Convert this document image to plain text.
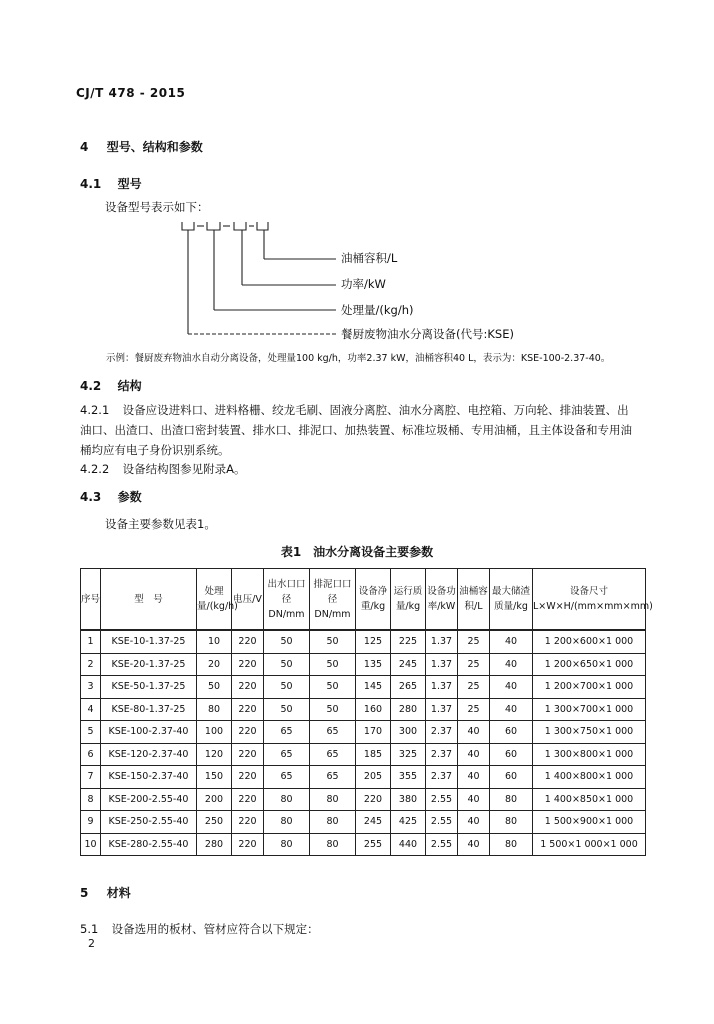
CJ/T 478 - 2015
4 型号、结构和参数
4.1 型号
设备型号表示如下：
油桶容积/L
功率/kW
处理量/(kg/h)
餐厨废物油水分离设备(代号:KSE)
示例：餐厨废弃物油水自动分离设备，处理量100 kg/h，功率2.37 kW，油桶容积40 L，表示为：KSE-100-2.37-40。
4.2 结构
4.2.1 设备应设进料口、进料格栅、绞龙毛刷、固液分离腔、油水分离腔、电控箱、万向轮、排油装置、出
油口、出渣口、出渣口密封装置、排水口、排泥口、加热装置、标准垃圾桶、专用油桶，且主体设备和专用油
桶均应有电子身份识别系统。
4.2.2 设备结构图参见附录A。
4.3 参数
设备主要参数见表1。
表1　油水分离设备主要参数
序号	型　号	处理量/(kg/h)	电压/V	出水口口径DN/mm	排泥口口径DN/mm	设备净重/kg	运行质量/kg	设备功率/kW	油桶容积/L	最大储渣质量/kg	设备尺寸L×W×H/(mm×mm×mm)
1	KSE-10-1.37-25	10	220	50	50	125	225	1.37	25	40	1 200×600×1 000
2	KSE-20-1.37-25	20	220	50	50	135	245	1.37	25	40	1 200×650×1 000
3	KSE-50-1.37-25	50	220	50	50	145	265	1.37	25	40	1 200×700×1 000
4	KSE-80-1.37-25	80	220	50	50	160	280	1.37	25	40	1 300×700×1 000
5	KSE-100-2.37-40	100	220	65	65	170	300	2.37	40	60	1 300×750×1 000
6	KSE-120-2.37-40	120	220	65	65	185	325	2.37	40	60	1 300×800×1 000
7	KSE-150-2.37-40	150	220	65	65	205	355	2.37	40	60	1 400×800×1 000
8	KSE-200-2.55-40	200	220	80	80	220	380	2.55	40	80	1 400×850×1 000
9	KSE-250-2.55-40	250	220	80	80	245	425	2.55	40	80	1 500×900×1 000
10	KSE-280-2.55-40	280	220	80	80	255	440	2.55	40	80	1 500×1 000×1 000
5 材料
5.1 设备选用的板材、管材应符合以下规定：
2
